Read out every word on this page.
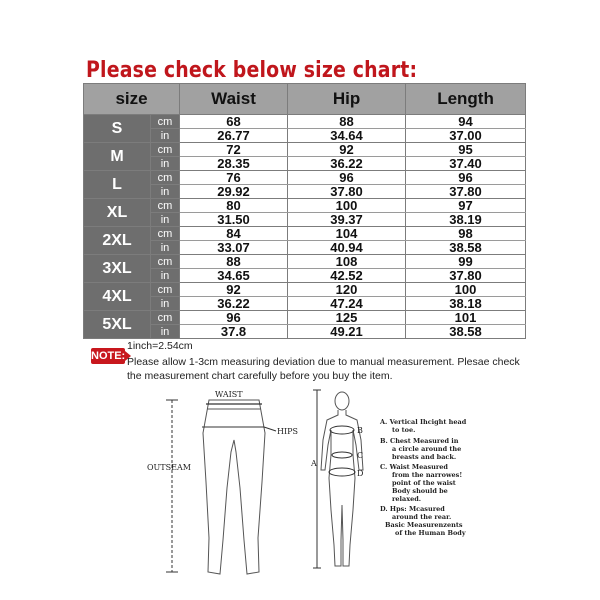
Please check below size chart:
size		Waist	Hip	Length
S	cm	68	88	94
	in	26.77	34.64	37.00
M	cm	72	92	95
	in	28.35	36.22	37.40
L	cm	76	96	96
	in	29.92	37.80	37.80
XL	cm	80	100	97
	in	31.50	39.37	38.19
2XL	cm	84	104	98
	in	33.07	40.94	38.58
3XL	cm	88	108	99
	in	34.65	42.52	37.80
4XL	cm	92	120	100
	in	36.22	47.24	38.18
5XL	cm	96	125	101
	in	37.8	49.21	38.58
NOTE:
1inch=2.54cm
Please allow 1-3cm measuring deviation due to manual measurement. Plesae check the measurement chart carefully before you buy the item.
WAIST
HIPS
OUTSEAM
B
C
A
D
A. Vertical Ihcight head
to toe.
B. Chest Measured in
a circle around the
breasts and back.
C. Waist Measured
from the narrowes!
point of the waist
Body should be
relaxed.
D. Hps: Mcasured
around the rear.
Basic Measurenzents
of the Human Body
